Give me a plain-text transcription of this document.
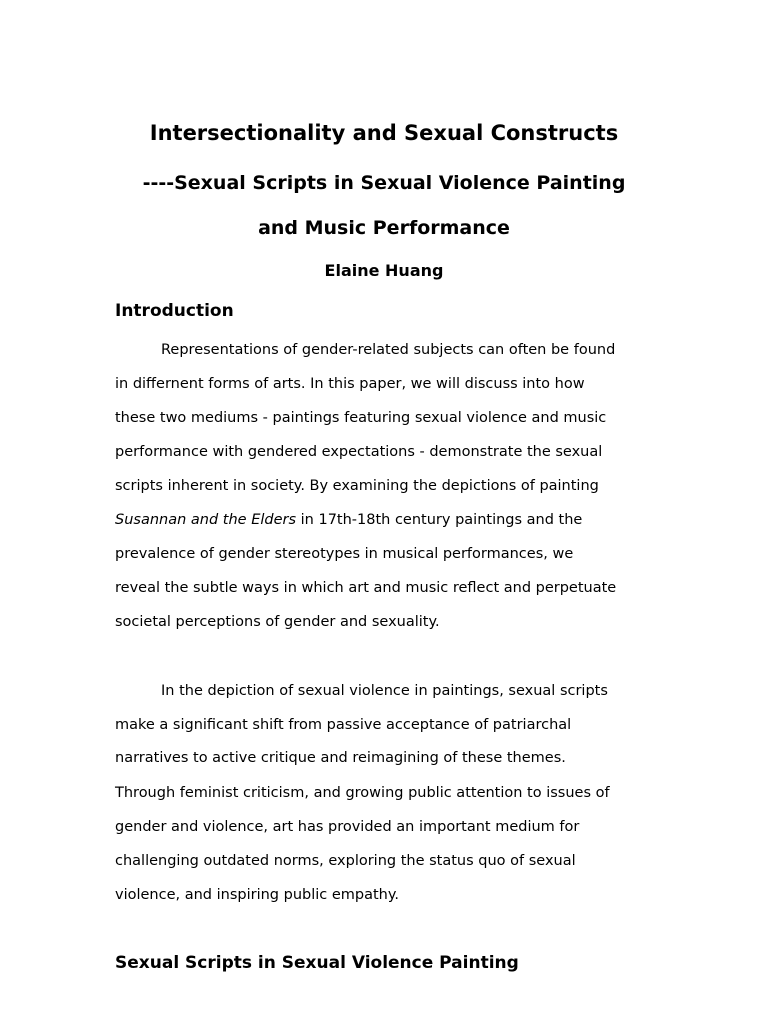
Intersectionality and Sexual Constructs
----Sexual Scripts in Sexual Violence Painting
and Music Performance

Elaine Huang

Introduction

Representations of gender-related subjects can often be found

in differnent forms of arts. In this paper, we will discuss into how

these two mediums - paintings featuring sexual violence and music

performance with gendered expectations - demonstrate the sexual

scripts inherent in society. By examining the depictions of painting

Susannan and the Elders in 17th-18th century paintings and the

prevalence of gender stereotypes in musical performances, we

reveal the subtle ways in which art and music reflect and perpetuate

societal perceptions of gender and sexuality.

In the depiction of sexual violence in paintings, sexual scripts

make a significant shift from passive acceptance of patriarchal

narratives to active critique and reimagining of these themes.

Through feminist criticism, and growing public attention to issues of

gender and violence, art has provided an important medium for

challenging outdated norms, exploring the status quo of sexual

violence, and inspiring public empathy.

Sexual Scripts in Sexual Violence Painting
